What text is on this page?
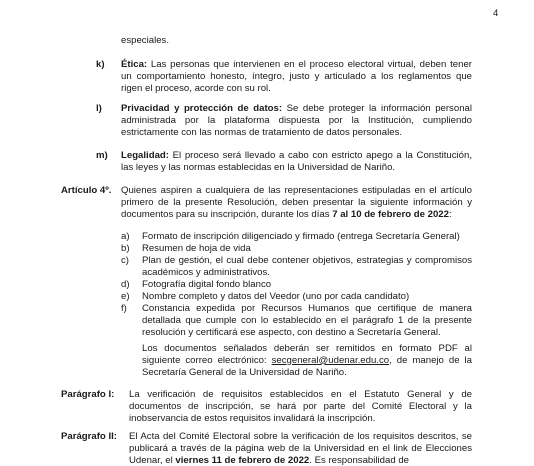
4

especiales.

k) Ética: Las personas que intervienen en el proceso electoral virtual, deben tener un comportamiento honesto, íntegro, justo y articulado a los reglamentos que rigen el proceso, acorde con su rol.

l) Privacidad y protección de datos: Se debe proteger la información personal administrada por la plataforma dispuesta por la Institución, cumpliendo estrictamente con las normas de tratamiento de datos personales.

m) Legalidad: El proceso será llevado a cabo con estricto apego a la Constitución, las leyes y las normas establecidas en la Universidad de Nariño.

Artículo 4º. Quienes aspiren a cualquiera de las representaciones estipuladas en el artículo primero de la presente Resolución, deben presentar la siguiente información y documentos para su inscripción, durante los días 7 al 10 de febrero de 2022:

a) Formato de inscripción diligenciado y firmado (entrega Secretaría General)
b) Resumen de hoja de vida
c) Plan de gestión, el cual debe contener objetivos, estrategias y compromisos académicos y administrativos.
d) Fotografía digital fondo blanco
e) Nombre completo y datos del Veedor (uno por cada candidato)
f) Constancia expedida por Recursos Humanos que certifique de manera detallada que cumple con lo establecido en el parágrafo 1 de la presente resolución y certificará ese aspecto, con destino a Secretaría General.

Los documentos señalados deberán ser remitidos en formato PDF al siguiente correo electrónico: secgeneral@udenar.edu.co, de manejo de la Secretaría General de la Universidad de Nariño.

Parágrafo I: La verificación de requisitos establecidos en el Estatuto General y de documentos de inscripción, se hará por parte del Comité Electoral y la inobservancia de estos requisitos invalidará la inscripción.

Parágrafo II: El Acta del Comité Electoral sobre la verificación de los requisitos descritos, se publicará a través de la página web de la Universidad en el link de Elecciones Udenar, el viernes 11 de febrero de 2022. Es responsabilidad de
